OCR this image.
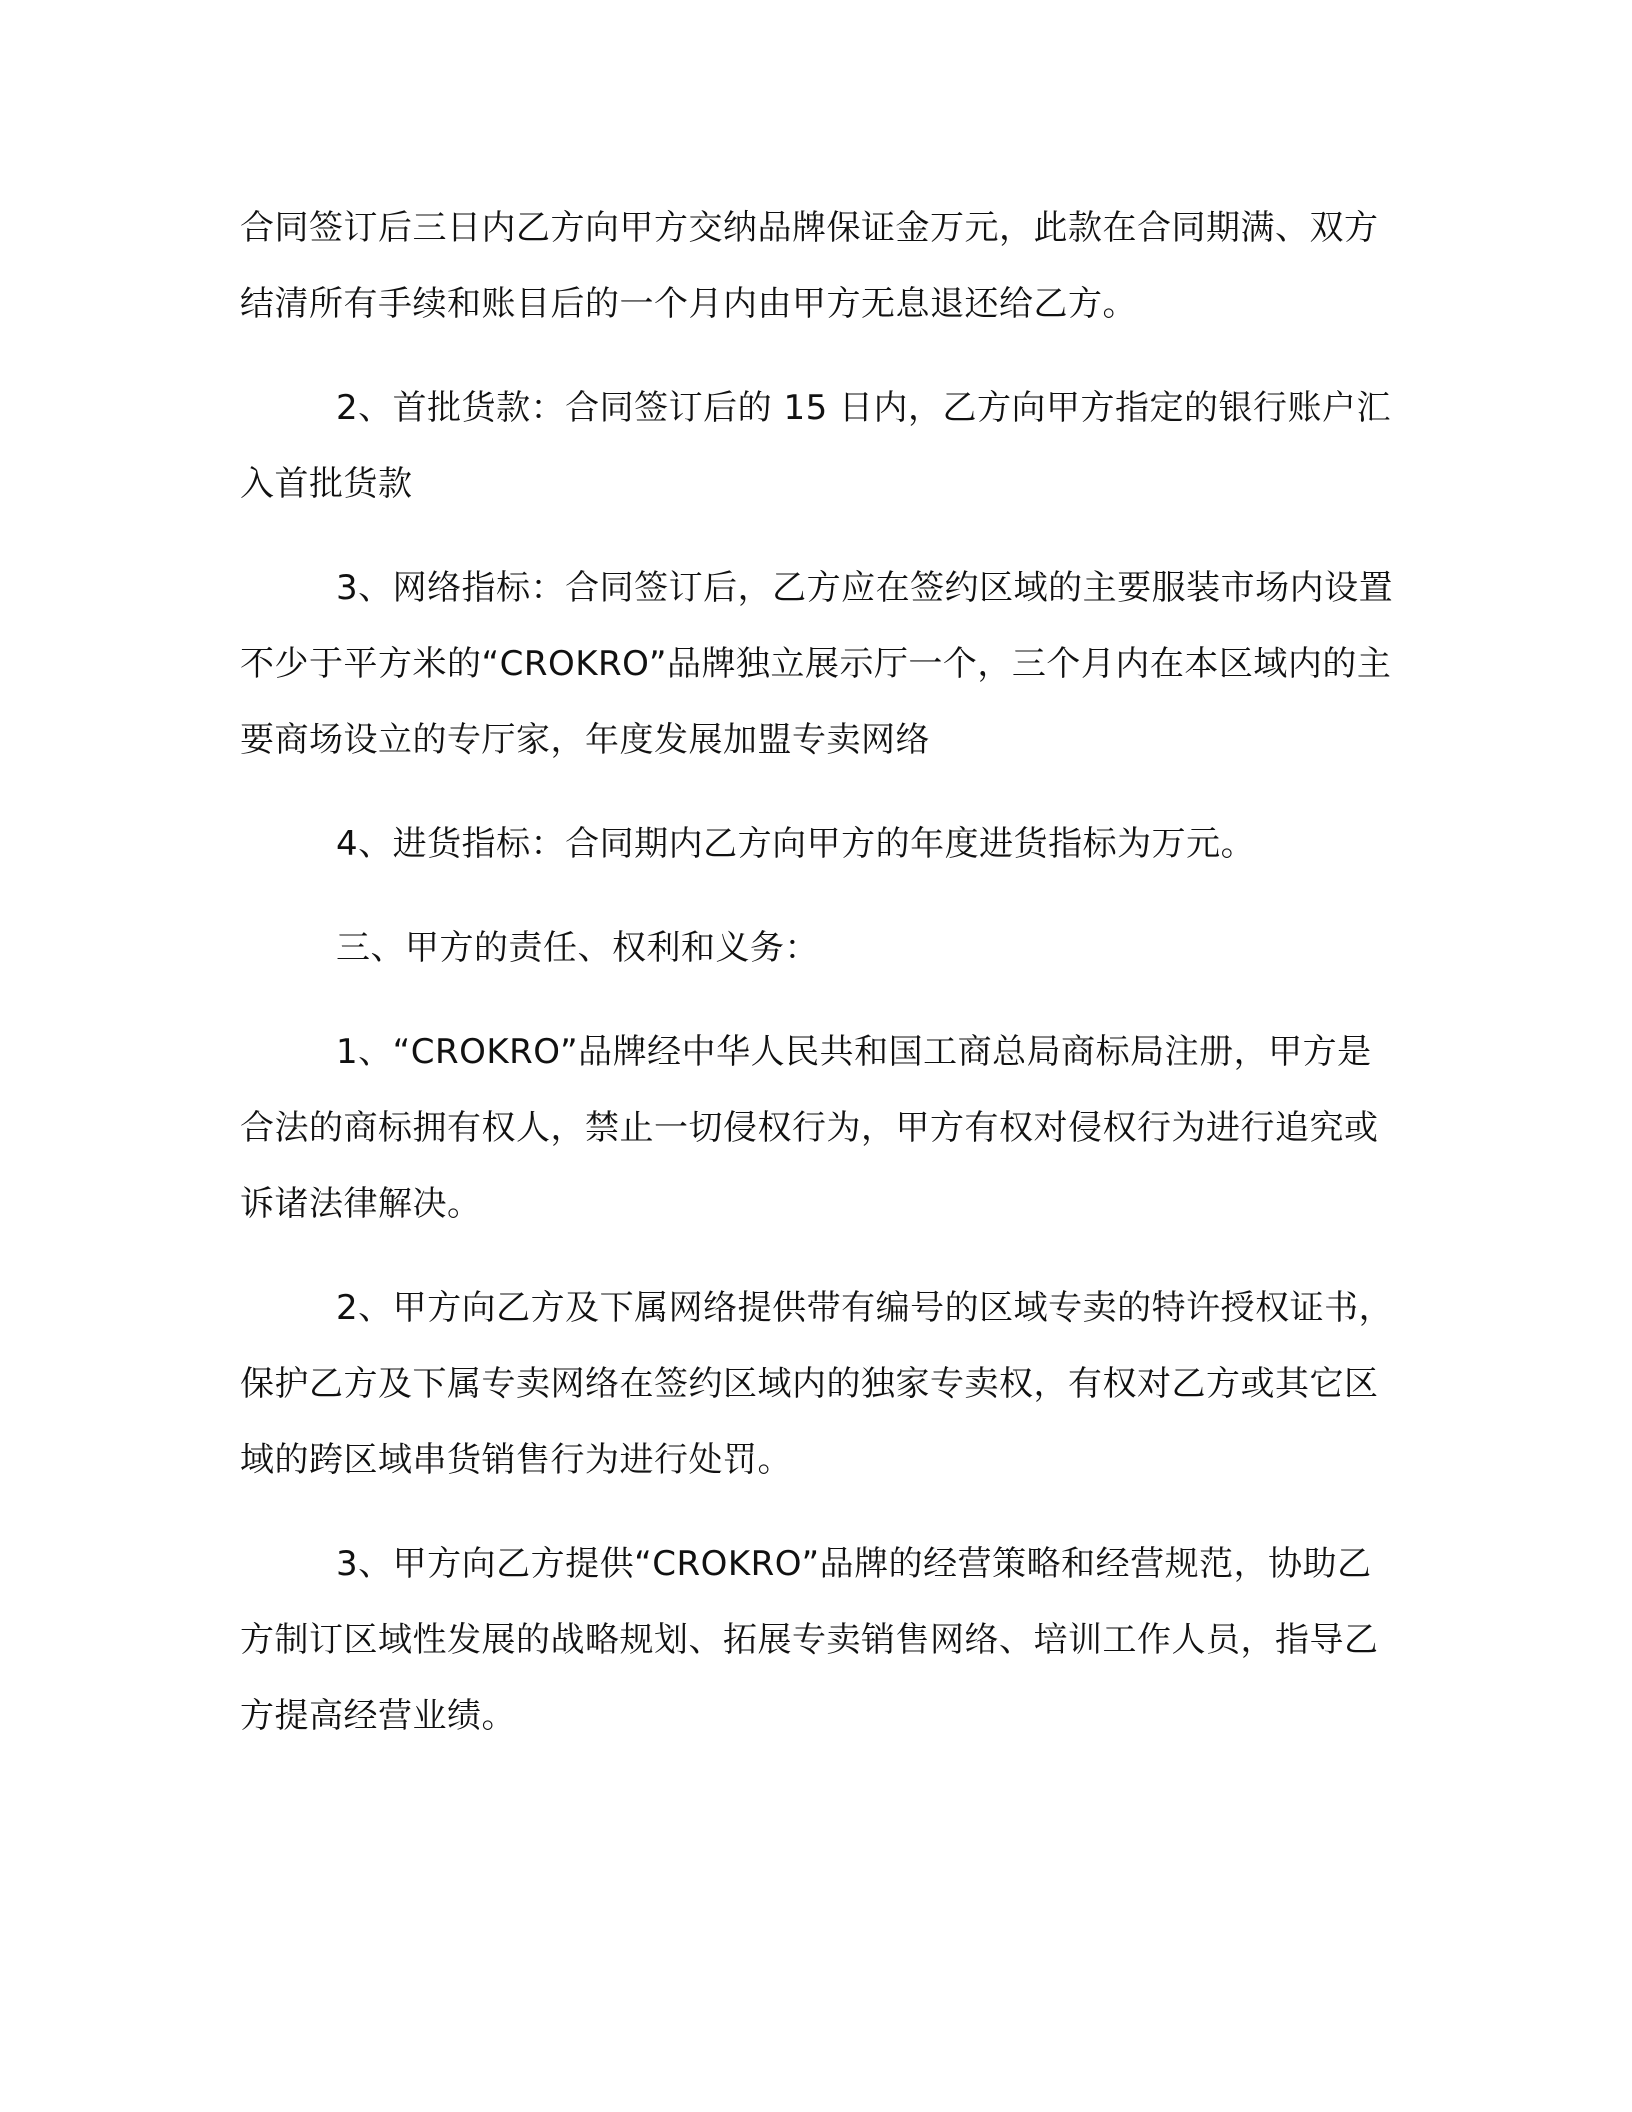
合同签订后三日内乙方向甲方交纳品牌保证金万元，此款在合同期满、双方结清所有手续和账目后的一个月内由甲方无息退还给乙方。

2、首批货款：合同签订后的 15 日内，乙方向甲方指定的银行账户汇入首批货款

3、网络指标：合同签订后，乙方应在签约区域的主要服装市场内设置不少于平方米的“CROKRO”品牌独立展示厅一个，三个月内在本区域内的主要商场设立的专厅家，年度发展加盟专卖网络

4、进货指标：合同期内乙方向甲方的年度进货指标为万元。

三、甲方的责任、权利和义务：

1、“CROKRO”品牌经中华人民共和国工商总局商标局注册，甲方是合法的商标拥有权人，禁止一切侵权行为，甲方有权对侵权行为进行追究或诉诸法律解决。

2、甲方向乙方及下属网络提供带有编号的区域专卖的特许授权证书，保护乙方及下属专卖网络在签约区域内的独家专卖权，有权对乙方或其它区域的跨区域串货销售行为进行处罚。

3、甲方向乙方提供“CROKRO”品牌的经营策略和经营规范，协助乙方制订区域性发展的战略规划、拓展专卖销售网络、培训工作人员，指导乙方提高经营业绩。
